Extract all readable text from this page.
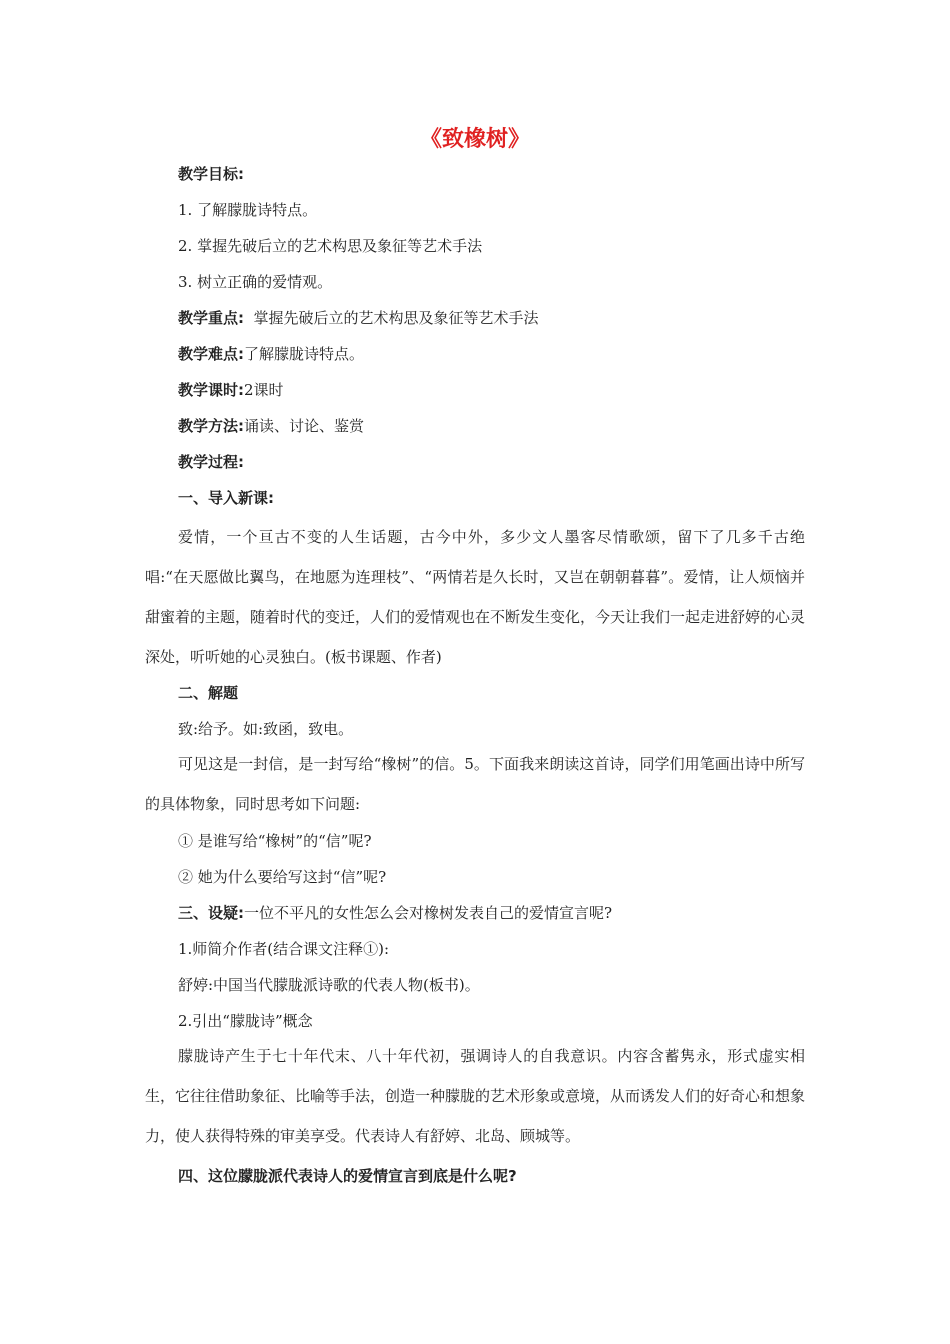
《致橡树》
教学目标:
1. 了解朦胧诗特点。
2. 掌握先破后立的艺术构思及象征等艺术手法
3. 树立正确的爱情观。
教学重点:  掌握先破后立的艺术构思及象征等艺术手法
教学难点:了解朦胧诗特点。
教学课时:2课时
教学方法:诵读、讨论、鉴赏
教学过程:
一、导入新课:
爱情，一个亘古不变的人生话题，古今中外，多少文人墨客尽情歌颂，留下了几多千古绝唱:“在天愿做比翼鸟，在地愿为连理枝”、“两情若是久长时，又岂在朝朝暮暮”。爱情，让人烦恼并甜蜜着的主题，随着时代的变迁，人们的爱情观也在不断发生变化，今天让我们一起走进舒婷的心灵深处，听听她的心灵独白。(板书课题、作者)
二、解题
致:给予。如:致函，致电。
可见这是一封信，是一封写给“橡树”的信。5。下面我来朗读这首诗，同学们用笔画出诗中所写的具体物象，同时思考如下问题:
① 是谁写给“橡树”的“信”呢?
② 她为什么要给写这封“信”呢?
三、设疑:一位不平凡的女性怎么会对橡树发表自己的爱情宣言呢?
1.师简介作者(结合课文注释①):
舒婷:中国当代朦胧派诗歌的代表人物(板书)。
2.引出“朦胧诗”概念
朦胧诗产生于七十年代末、八十年代初，强调诗人的自我意识。内容含蓄隽永，形式虚实相生，它往往借助象征、比喻等手法，创造一种朦胧的艺术形象或意境，从而诱发人们的好奇心和想象力，使人获得特殊的审美享受。代表诗人有舒婷、北岛、顾城等。
四、这位朦胧派代表诗人的爱情宣言到底是什么呢?
